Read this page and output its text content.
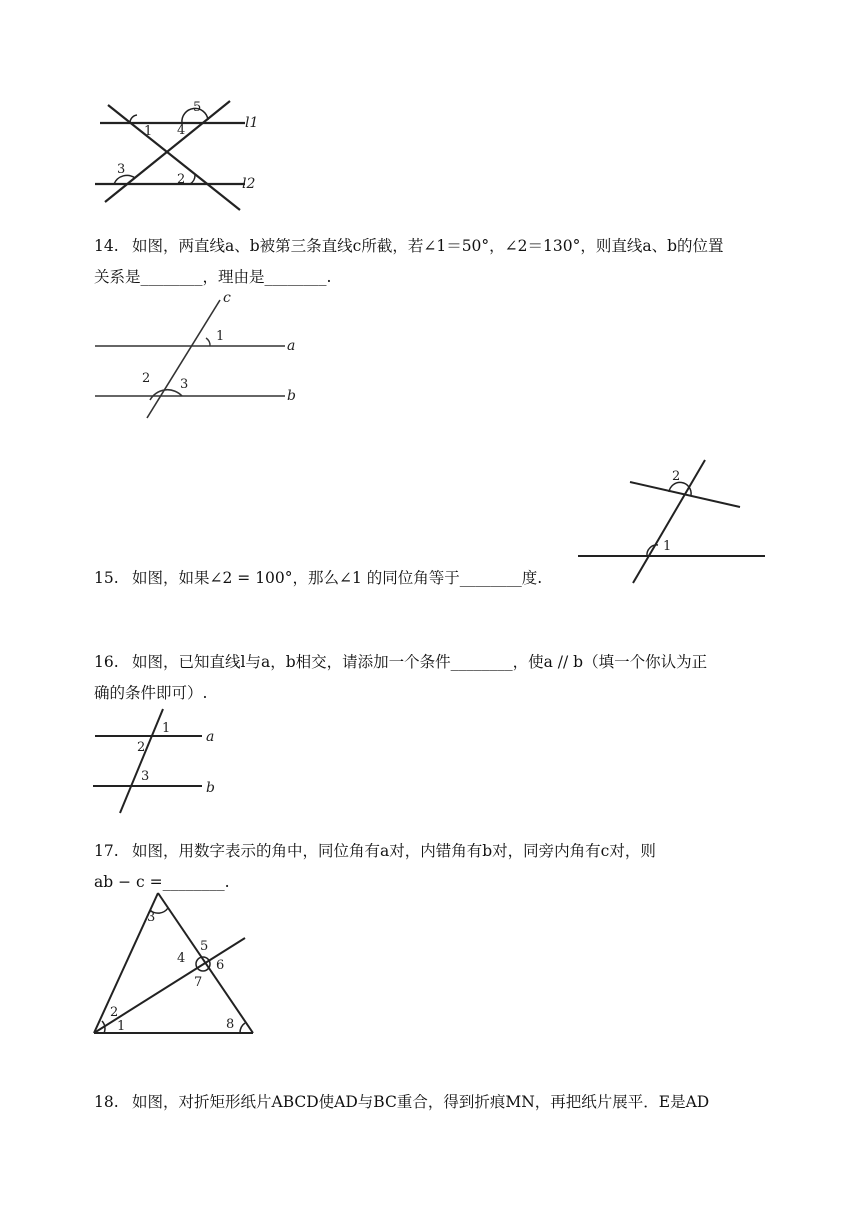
1
2
3
4
5
l1
l2
14. 如图，两直线a、b被第三条直线c所截，若∠1＝50°，∠2＝130°，则直线a、b的位置
关系是________，理由是________.
c
1
a
2 3
b
2
1
15. 如图，如果∠2 = 100°，那么∠1 的同位角等于________度.
16. 如图，已知直线l与a，b相交，请添加一个条件________，使a // b（填一个你认为正
确的条件即可）.
1
a
2
3
b
17. 如图，用数字表示的角中，同位角有a对，内错角有b对，同旁内角有c对，则
ab − c =________.
3
5
4 6
7
2
1	8
18. 如图，对折矩形纸片ABCD使AD与BC重合，得到折痕MN，再把纸片展平．E是AD
